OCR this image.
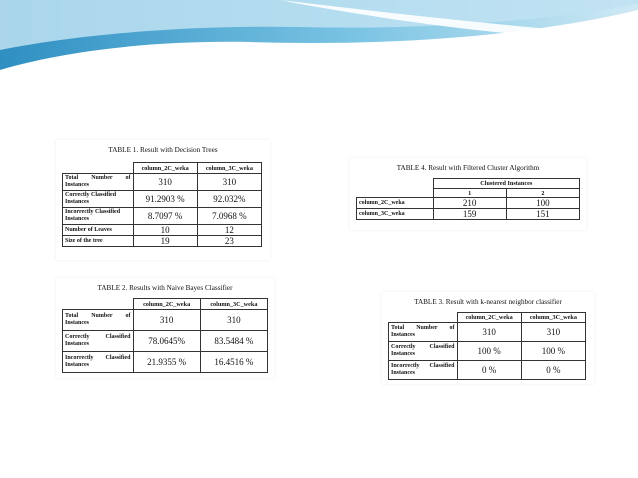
TABLE 1. Result with Decision Trees
	column_2C_weka	column_3C_weka
Total Number of Instances	310	310
Correctly Classified Instances	91.2903 %	92.032%
Incorrectly Classified Instances	8.7097 %	7.0968 %
Number of Leaves	10	12
Size of the tree	19	23
TABLE 2. Results with Naive Bayes Classifier
	column_2C_weka	column_3C_weka
Total Number of Instances	310	310
Correctly Classified Instances	78.0645%	83.5484 %
Incorrectly Classified Instances	21.9355 %	16.4516 %
TABLE 4. Result with Filtered Cluster Algorithm
	Clustered Instances	
	1	2
column_2C_weka	210	100
column_3C_weka	159	151
TABLE 3. Result with k-nearest neighbor classifier
	column_2C_weka	column_3C_weka
Total Number of Instances	310	310
Correctly Classified Instances	100 %	100 %
Incorrectly Classified Instances	0 %	0 %
